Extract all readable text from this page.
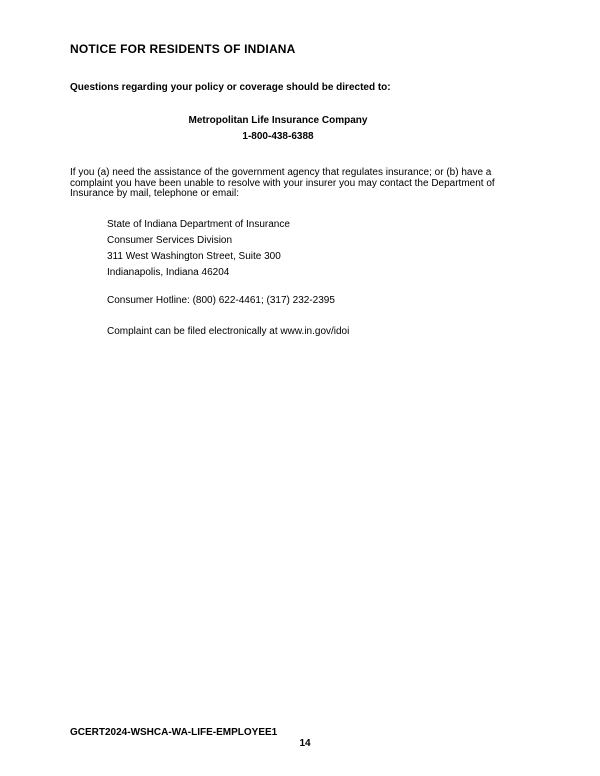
NOTICE FOR RESIDENTS OF INDIANA
Questions regarding your policy or coverage should be directed to:
Metropolitan Life Insurance Company
1-800-438-6388
If you (a) need the assistance of the government agency that regulates insurance; or (b) have a complaint you have been unable to resolve with your insurer you may contact the Department of Insurance by mail, telephone or email:
State of Indiana Department of Insurance
Consumer Services Division
311 West Washington Street, Suite 300
Indianapolis, Indiana 46204
Consumer Hotline: (800) 622-4461; (317) 232-2395
Complaint can be filed electronically at www.in.gov/idoi
GCERT2024-WSHCA-WA-LIFE-EMPLOYEE1
14
